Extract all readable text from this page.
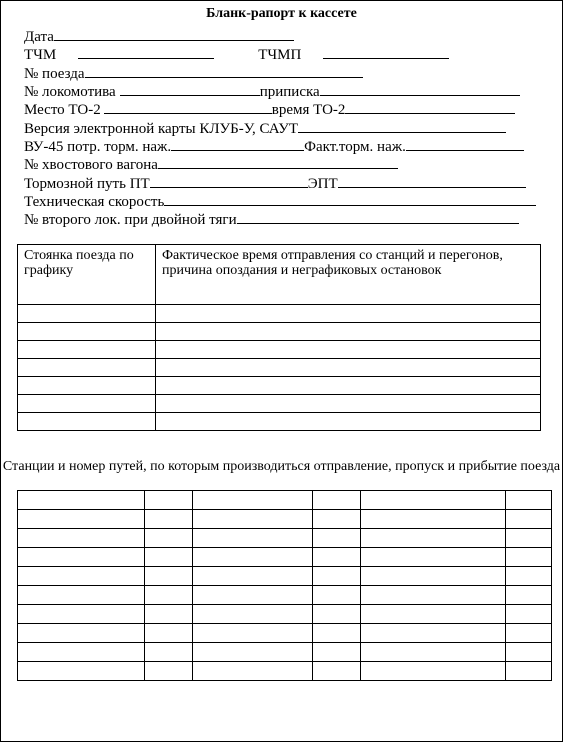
Бланк-рапорт к кассете
Дата
ТЧМ	ТЧМП
№ поезда
№ локомотива	приписка
Место ТО-2	время ТО-2
Версия электронной карты КЛУБ-У, САУТ
ВУ-45 потр. торм. наж.	Факт.торм. наж.
№ хвостового вагона
Тормозной путь ПТ	ЭПТ
Техническая скорость
№ второго лок. при двойной тяги
Стоянка поезда по графику	Фактическое время отправления со станций и перегонов, причина опоздания и неграфиковых остановок

Станции и номер путей, по которым производиться отправление, пропуск и прибытие поезда
